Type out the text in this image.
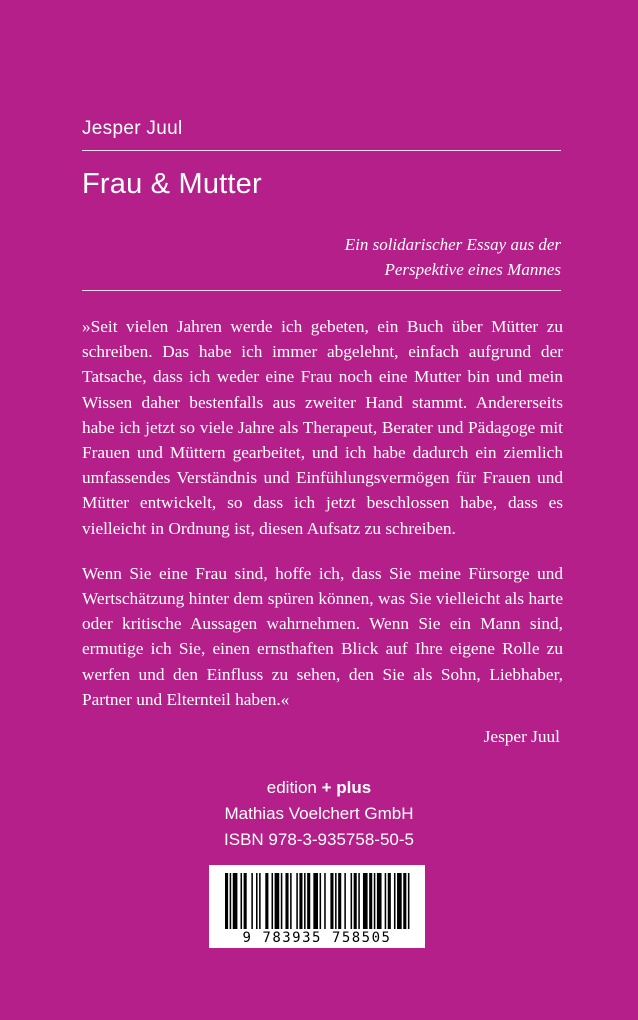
Jesper Juul
Frau & Mutter
Ein solidarischer Essay aus der
Perspektive eines Mannes

»Seit vielen Jahren werde ich gebeten, ein Buch über Mütter zu schreiben. Das habe ich immer abgelehnt, einfach aufgrund der Tatsache, dass ich weder eine Frau noch eine Mutter bin und mein Wissen daher bestenfalls aus zweiter Hand stammt. Andererseits habe ich jetzt so viele Jahre als Therapeut, Berater und Pädagoge mit Frauen und Müttern gearbeitet, und ich habe dadurch ein ziemlich umfassendes Verständnis und Einfühlungsvermögen für Frauen und Mütter entwickelt, so dass ich jetzt beschlossen habe, dass es vielleicht in Ordnung ist, diesen Aufsatz zu schreiben.

Wenn Sie eine Frau sind, hoffe ich, dass Sie meine Fürsorge und Wertschätzung hinter dem spüren können, was Sie vielleicht als harte oder kritische Aussagen wahrnehmen. Wenn Sie ein Mann sind, ermutige ich Sie, einen ernsthaften Blick auf Ihre eigene Rolle zu werfen und den Einfluss zu sehen, den Sie als Sohn, Liebhaber, Partner und Elternteil haben.«

Jesper Juul
edition + plus
Mathias Voelchert GmbH
ISBN 978-3-935758-50-5
9 783935 758505
